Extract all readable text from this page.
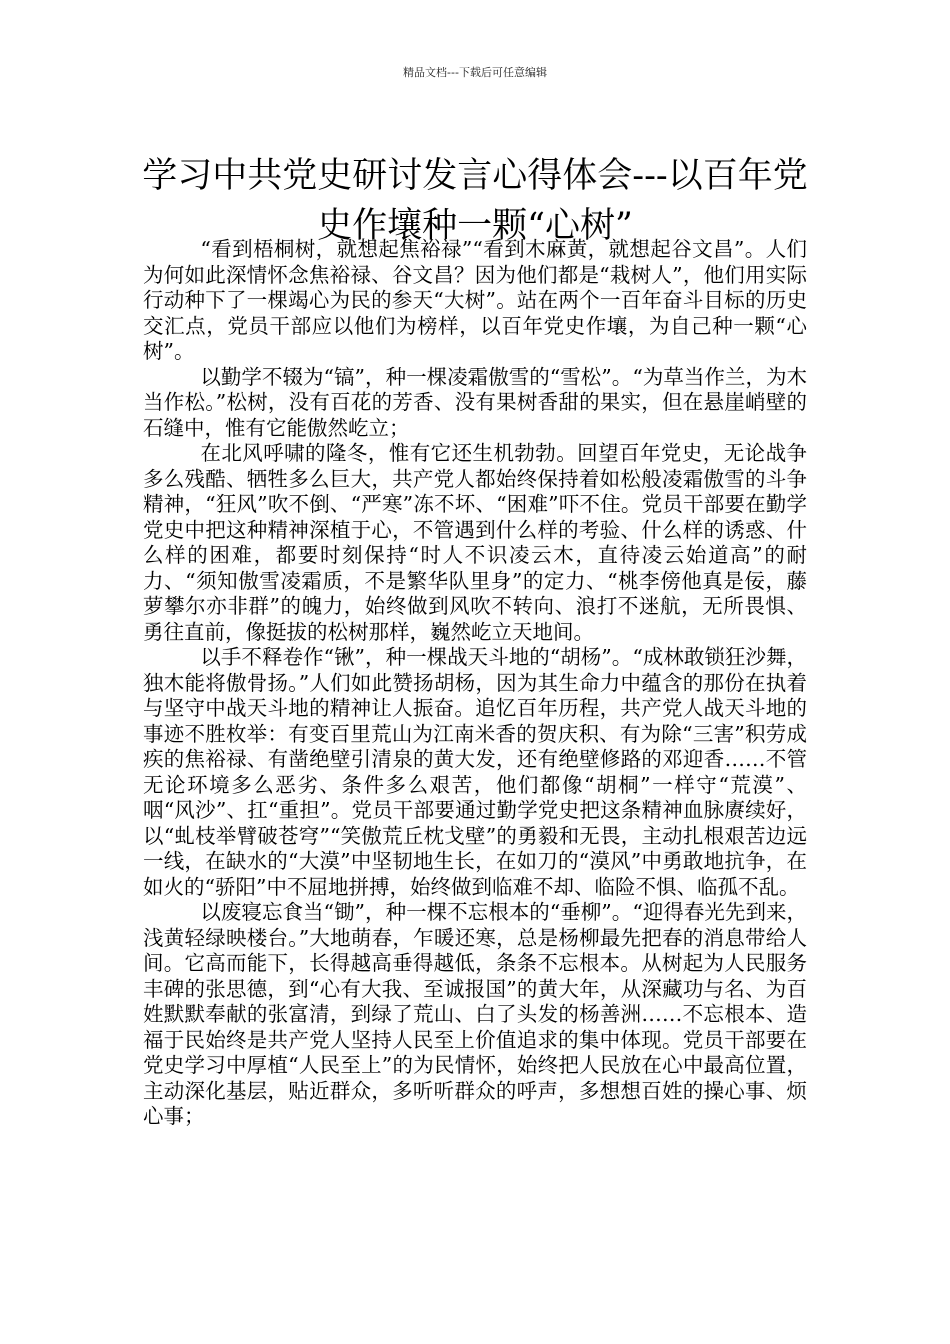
精品文档---下载后可任意编辑
学习中共党史研讨发言心得体会---以百年党史作壤种一颗“心树”

“看到梧桐树，就想起焦裕禄”“看到木麻黄，就想起谷文昌”。人们为何如此深情怀念焦裕禄、谷文昌？因为他们都是“栽树人”，他们用实际行动种下了一棵竭心为民的参天“大树”。站在两个一百年奋斗目标的历史交汇点，党员干部应以他们为榜样，以百年党史作壤，为自己种一颗“心树”。

以勤学不辍为“镐”，种一棵凌霜傲雪的“雪松”。“为草当作兰，为木当作松。”松树，没有百花的芳香、没有果树香甜的果实，但在悬崖峭壁的石缝中，惟有它能傲然屹立；

在北风呼啸的隆冬，惟有它还生机勃勃。回望百年党史，无论战争多么残酷、牺牲多么巨大，共产党人都始终保持着如松般凌霜傲雪的斗争精神，“狂风”吹不倒、“严寒”冻不坏、“困难”吓不住。党员干部要在勤学党史中把这种精神深植于心，不管遇到什么样的考验、什么样的诱惑、什么样的困难，都要时刻保持“时人不识凌云木，直待凌云始道高”的耐力、“须知傲雪凌霜质，不是繁华队里身”的定力、“桃李傍他真是佞，藤萝攀尔亦非群”的魄力，始终做到风吹不转向、浪打不迷航，无所畏惧、勇往直前，像挺拔的松树那样，巍然屹立天地间。

以手不释卷作“锹”，种一棵战天斗地的“胡杨”。“成林敢锁狂沙舞，独木能将傲骨扬。”人们如此赞扬胡杨，因为其生命力中蕴含的那份在执着与坚守中战天斗地的精神让人振奋。追忆百年历程，共产党人战天斗地的事迹不胜枚举：有变百里荒山为江南米香的贺庆积、有为除“三害”积劳成疾的焦裕禄、有凿绝壁引清泉的黄大发，还有绝壁修路的邓迎香……不管无论环境多么恶劣、条件多么艰苦，他们都像“胡桐”一样守“荒漠”、咽“风沙”、扛“重担”。党员干部要通过勤学党史把这条精神血脉赓续好，以“虬枝举臂破苍穹”“笑傲荒丘枕戈壁”的勇毅和无畏，主动扎根艰苦边远一线，在缺水的“大漠”中坚韧地生长，在如刀的“漠风”中勇敢地抗争，在如火的“骄阳”中不屈地拼搏，始终做到临难不却、临险不惧、临孤不乱。

以废寝忘食当“锄”，种一棵不忘根本的“垂柳”。“迎得春光先到来，浅黄轻绿映楼台。”大地萌春，乍暖还寒，总是杨柳最先把春的消息带给人间。它高而能下，长得越高垂得越低，条条不忘根本。从树起为人民服务丰碑的张思德，到“心有大我、至诚报国”的黄大年，从深藏功与名、为百姓默默奉献的张富清，到绿了荒山、白了头发的杨善洲……不忘根本、造福于民始终是共产党人坚持人民至上价值追求的集中体现。党员干部要在党史学习中厚植“人民至上”的为民情怀，始终把人民放在心中最高位置，主动深化基层，贴近群众，多听听群众的呼声，多想想百姓的操心事、烦心事；
